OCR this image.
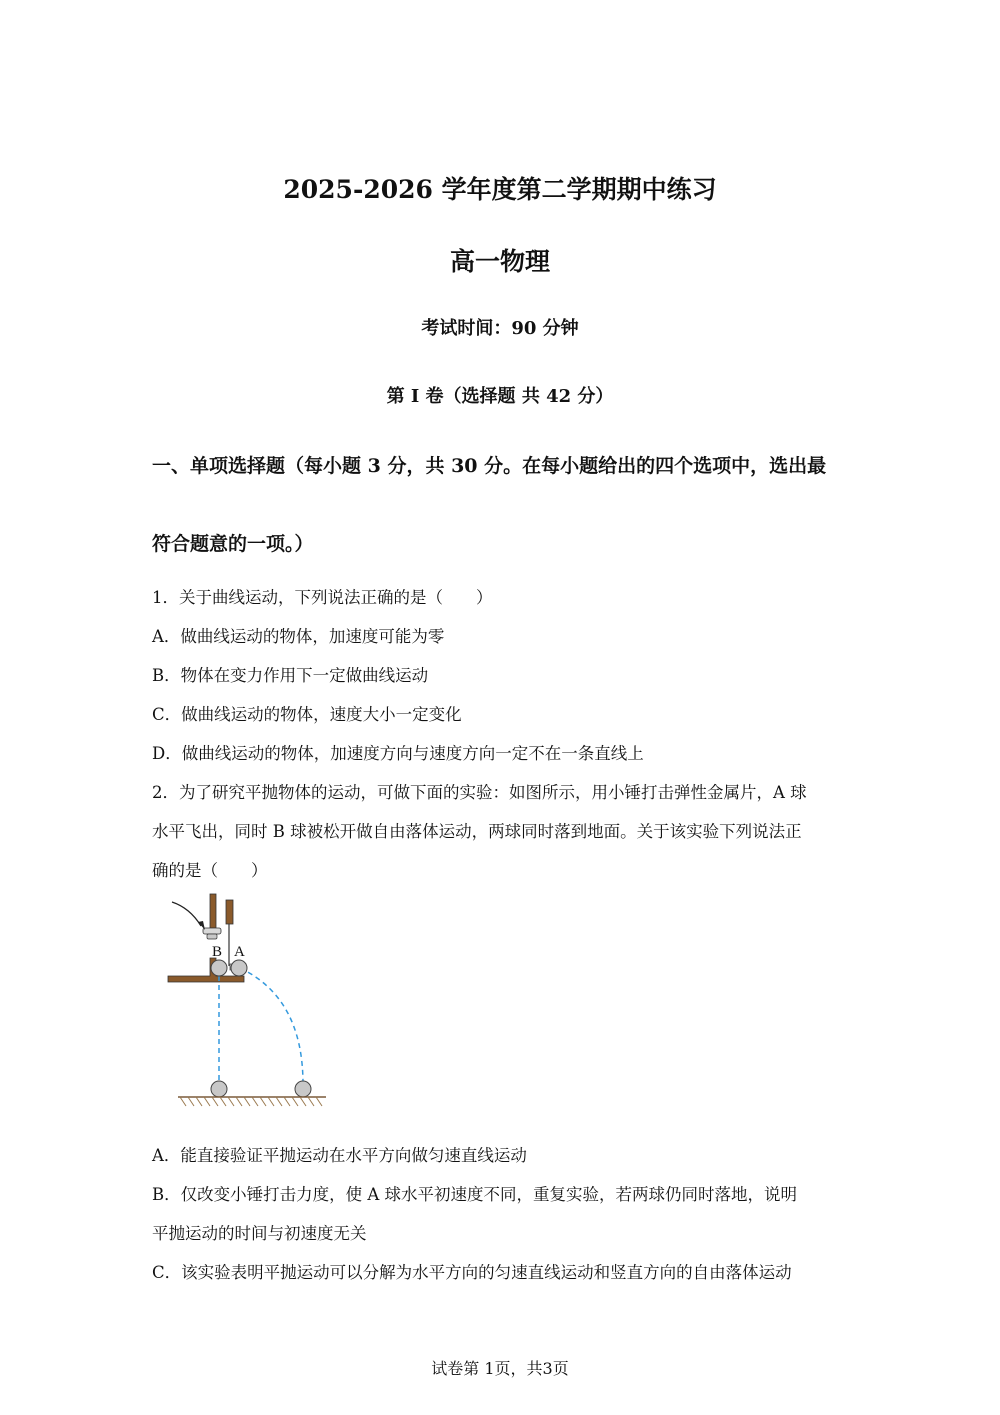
2025-2026 学年度第二学期期中练习
高一物理
考试时间：90 分钟
第 I 卷（选择题 共 42 分）
一、单项选择题（每小题 3 分，共 30 分。在每小题给出的四个选项中，选出最
符合题意的一项。）
1．关于曲线运动，下列说法正确的是（　　）
A．做曲线运动的物体，加速度可能为零
B．物体在变力作用下一定做曲线运动
C．做曲线运动的物体，速度大小一定变化
D．做曲线运动的物体，加速度方向与速度方向一定不在一条直线上
2．为了研究平抛物体的运动，可做下面的实验：如图所示，用小锤打击弹性金属片，A 球
水平飞出，同时 B 球被松开做自由落体运动，两球同时落到地面。关于该实验下列说法正
确的是（　　）
B A
A．能直接验证平抛运动在水平方向做匀速直线运动
B．仅改变小锤打击力度，使 A 球水平初速度不同，重复实验，若两球仍同时落地，说明
平抛运动的时间与初速度无关
C．该实验表明平抛运动可以分解为水平方向的匀速直线运动和竖直方向的自由落体运动
试卷第 1页，共3页
